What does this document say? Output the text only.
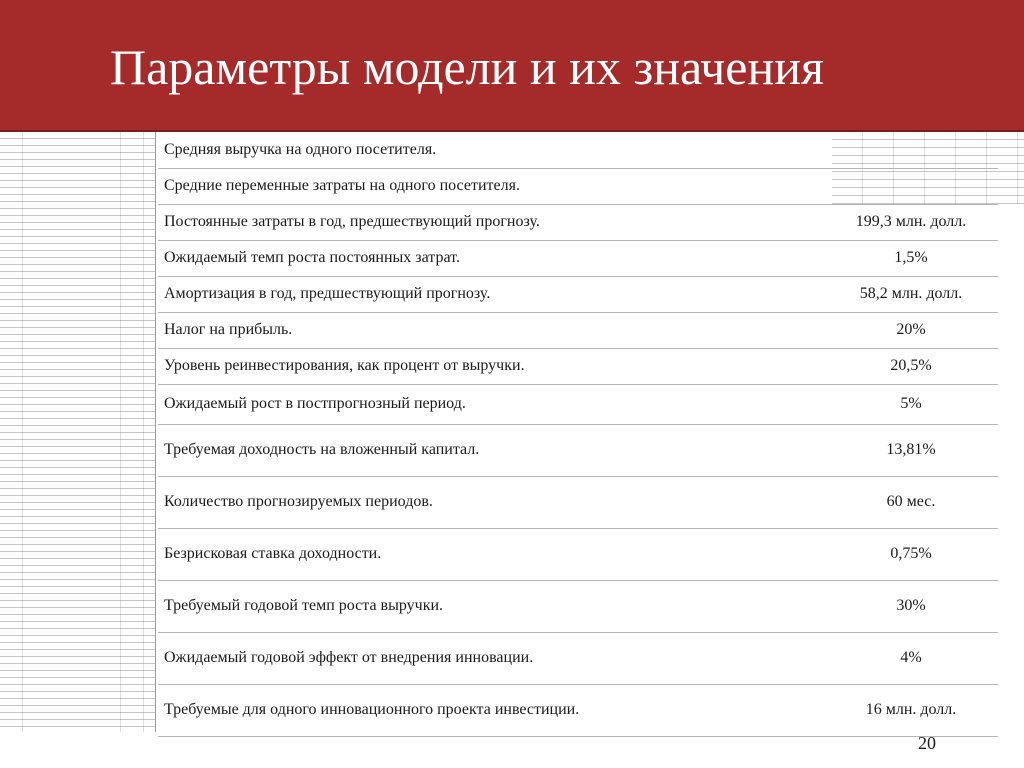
Параметры модели и их значения
Средняя выручка на одного посетителя.	
Средние переменные затраты на одного посетителя.	
Постоянные затраты в год, предшествующий прогнозу.	199,3 млн. долл.
Ожидаемый темп роста постоянных затрат.	1,5%
Амортизация в год, предшествующий прогнозу.	58,2 млн. долл.
Налог на прибыль.	20%
Уровень реинвестирования, как процент от выручки.	20,5%
Ожидаемый рост в постпрогнозный период.	5%
Требуемая доходность на вложенный капитал.	13,81%
Количество прогнозируемых периодов.	60 мес.
Безрисковая ставка доходности.	0,75%
Требуемый годовой темп роста выручки.	30%
Ожидаемый годовой эффект от внедрения инновации.	4%
Требуемые для одного инновационного проекта инвестиции.	16 млн. долл.
20
